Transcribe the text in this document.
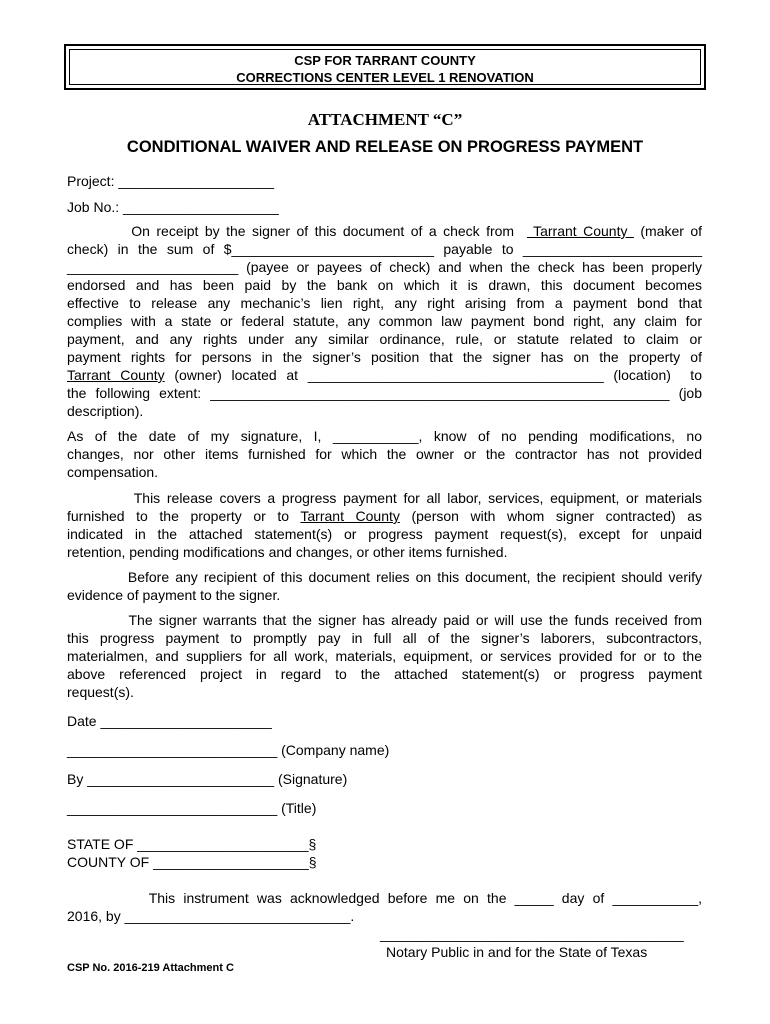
CSP FOR TARRANT COUNTY
CORRECTIONS CENTER LEVEL 1 RENOVATION
ATTACHMENT “C”
CONDITIONAL WAIVER AND RELEASE ON PROGRESS PAYMENT
Project: ____________________
Job No.: ____________________
On receipt by the signer of this document of a check from   Tarrant County  (maker of
check) in the sum of $__________________________ payable to _______________________
______________________ (payee or payees of check) and when the check has been properly
endorsed and has been paid by the bank on which it is drawn, this document becomes
effective to release any mechanic’s lien right, any right arising from a payment bond that
complies with a state or federal statute, any common law payment bond right, any claim for
payment, and any rights under any similar ordinance, rule, or statute related to claim or
payment rights for persons in the signer’s position that the signer has on the property of
Tarrant County (owner) located at ______________________________________ (location)  to
the following extent: ___________________________________________________________ (job
description).
As of the date of my signature, I, ___________, know of no pending modifications, no
changes, nor other items furnished for which the owner or the contractor has not provided
compensation.
This release covers a progress payment for all labor, services, equipment, or materials
furnished to the property or to Tarrant County (person with whom signer contracted) as
indicated in the attached statement(s) or progress payment request(s), except for unpaid
retention, pending modifications and changes, or other items furnished.
Before any recipient of this document relies on this document, the recipient should verify
evidence of payment to the signer.
The signer warrants that the signer has already paid or will use the funds received from
this progress payment to promptly pay in full all of the signer’s laborers, subcontractors,
materialmen, and suppliers for all work, materials, equipment, or services provided for or to the
above referenced project in regard to the attached statement(s) or progress payment
request(s).
Date ______________________
___________________________ (Company name)
By ________________________ (Signature)
___________________________ (Title)
STATE OF ______________________§
COUNTY OF ____________________§
This instrument was acknowledged before me on the _____ day of ___________,
2016, by _____________________________.
_______________________________________
Notary Public in and for the State of Texas
CSP No. 2016-219 Attachment C
